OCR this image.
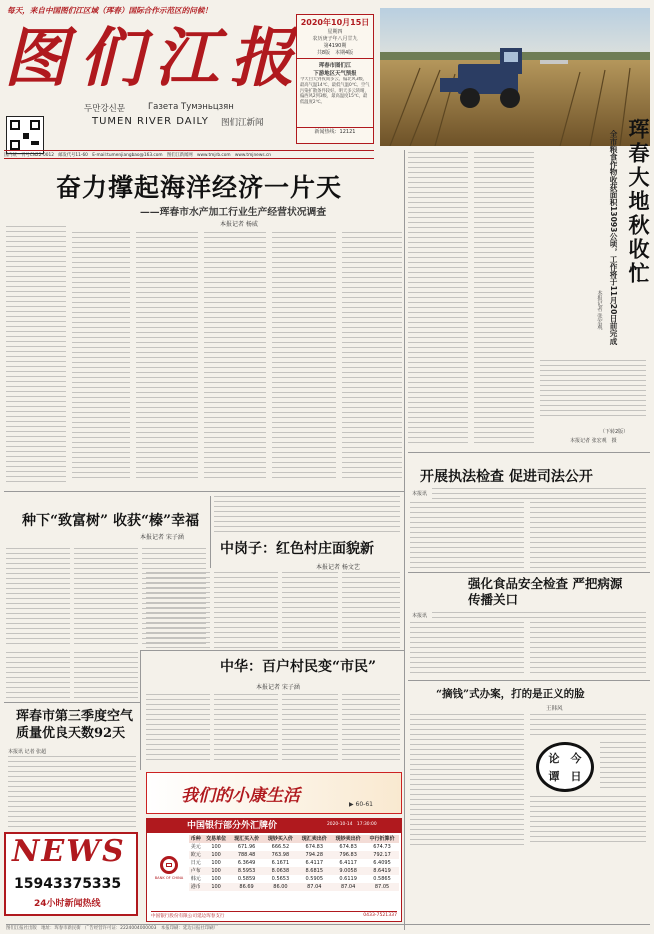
每天，来自中国图们江区域（珲春）国际合作示范区的问候！
图 们 江 报
두만강신문	Газета Тумэньцзян
TUMEN RIVER DAILY 图们江新闻
2020年10月15日
星期四
农历庚子年八月廿九
第4190期
共8版　本期4版
珲春市图们江
下游地区天气预报
今天白天到夜间多云，偏北风3级，最高气温14℃，最低气温0℃。空气污染扩散条件较好。明天多云转晴，偏西风2到3级，最高温度15℃，最低温度2℃。
新闻热线：12121
国内统一刊号CN22-0012　邮发代号11-60　E-mail:tumenjiangbao@163.com　图们江新闻网　www.tmjrb.com　www.tmjnews.cn	珲春大地秋收忙
全市粮食作物收获面积13093公顷，工作将于11月20日前完成
本报记者 张宏观
奋力撑起海洋经济一片天
——珲春市水产加工行业生产经营状况调查
本报记者 杨威
（下转2版）
本报记者 张宏观　摄
开展执法检查 促进司法公开
本报讯
强化食品安全检查 严把病源传播关口
本报讯
“摘钱”式办案，打的是正义的脸
王韩风
论 今
谭 日
种下“致富树” 收获“榛”幸福
本报记者 宋子涵
中岗子：红色村庄面貌新
本报记者 杨文艺
中华：百户村民变“市民”
本报记者 宋子涵
珲春市第三季度空气质量优良天数92天
本报讯 记者 张超
NEWS
15943375335
24小时新闻热线
我们的小康生活	▶ 60-61
中国银行部分外汇牌价
BANK OF CHINA
币种	交易单位	现汇买入价	现钞买入价	现汇卖出价	现钞卖出价	中行折算价
美元	100	671.96	666.52	674.83	674.83	674.73
欧元	100	788.48	763.98	794.28	796.83	792.17
日元	100	6.3649	6.1671	6.4117	6.4117	6.4095
卢布	100	8.5953	8.0638	8.6815	9.0058	8.6419
韩元	100	0.5859	0.5653	0.5905	0.6119	0.5865
港币	100	86.69	86.00	87.04	87.04	87.05
2020-10-14　17:30:00
中国银行股份有限公司延边珲春支行	0433-7521337
图们江报社出版　地址：珲春市新民街　广告经营许可证：2224004000003　本报印刷：延边日报社印刷厂
